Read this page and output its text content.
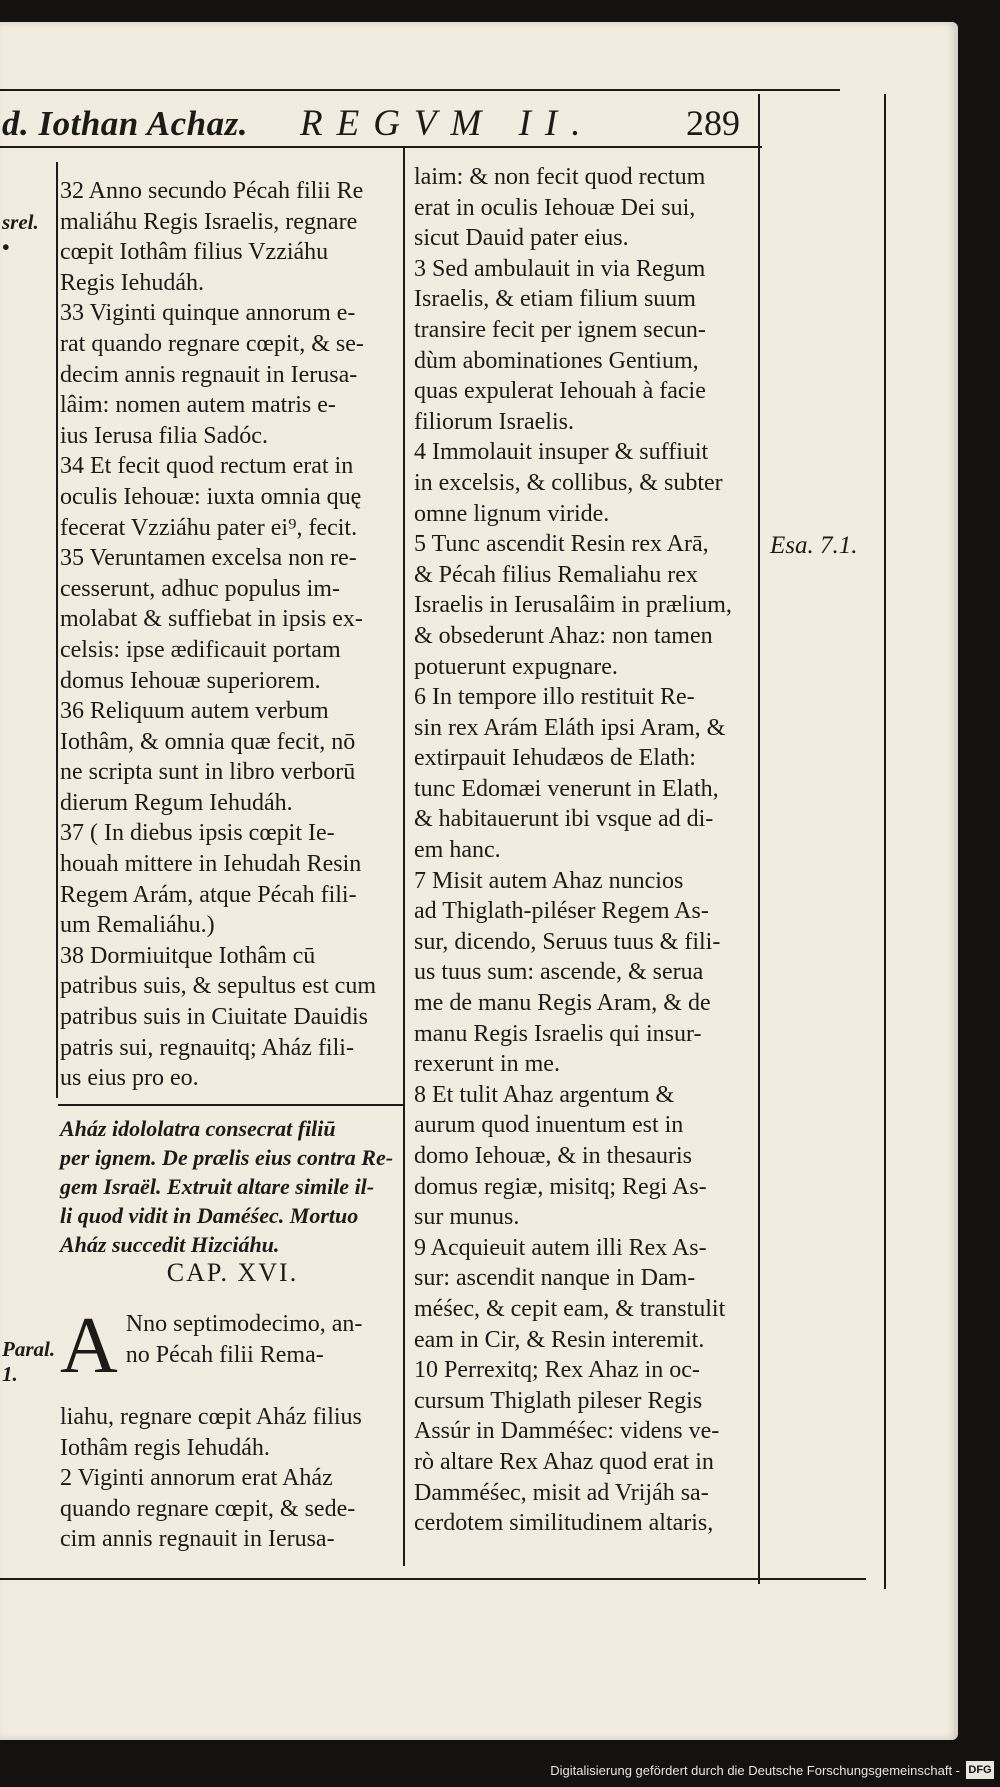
d. Iothan Achaz. REGVM II.	289
srel.
•
Paral.
1.
Esa. 7.1.

32 Anno secundo Pécah filii Re

maliáhu Regis Israelis, regnare

cœpit Iothâm filius Vzziáhu

Regis Iehudáh.

33 Viginti quinque annorum e-

rat quando regnare cœpit, & se-

decim annis regnauit in Ierusa-

lâim: nomen autem matris e-

ius Ierusa filia Sadóc.

34 Et fecit quod rectum erat in

oculis Iehouæ: iuxta omnia quę

fecerat Vzziáhu pater ei⁹, fecit.

35 Veruntamen excelsa non re-

cesserunt, adhuc populus im-

molabat & suffiebat in ipsis ex-

celsis: ipse ædificauit portam

domus Iehouæ superiorem.

36 Reliquum autem verbum

Iothâm, & omnia quæ fecit, nō

ne scripta sunt in libro verborū

dierum Regum Iehudáh.

37 ( In diebus ipsis cœpit Ie-

houah mittere in Iehudah Resin

Regem Arám, atque Pécah fili-

um Remaliáhu.)

38 Dormiuitque Iothâm cū

patribus suis, & sepultus est cum

patribus suis in Ciuitate Dauidis

patris sui, regnauitq; Aház fili-

us eius pro eo.

Aház idololatra consecrat filiū
per ignem. De prælis eius contra Re-
gem Israël. Extruit altare simile il-
li quod vidit in Daméśec. Mortuo
Aház succedit Hizciáhu.
CAP. XVI.
A Nno septimodecimo, an-
no Pécah filii Rema-
liahu, regnare cœpit Aház filius
Iothâm regis Iehudáh.
2 Viginti annorum erat Aház
quando regnare cœpit, & sede-
cim annis regnauit in Ierusa-

laim: & non fecit quod rectum

erat in oculis Iehouæ Dei sui,

sicut Dauid pater eius.

3 Sed ambulauit in via Regum

Israelis, & etiam filium suum

transire fecit per ignem secun-

dùm abominationes Gentium,

quas expulerat Iehouah à facie

filiorum Israelis.

4 Immolauit insuper & suffiuit

in excelsis, & collibus, & subter

omne lignum viride.

5 Tunc ascendit Resin rex Arā,

& Pécah filius Remaliahu rex

Israelis in Ierusalâim in prælium,

& obsederunt Ahaz: non tamen

potuerunt expugnare.

6 In tempore illo restituit Re-

sin rex Arám Eláth ipsi Aram, &

extirpauit Iehudæos de Elath:

tunc Edomæi venerunt in Elath,

& habitauerunt ibi vsque ad di-

em hanc.

7 Misit autem Ahaz nuncios

ad Thiglath-piléser Regem As-

sur, dicendo, Seruus tuus & fili-

us tuus sum: ascende, & serua

me de manu Regis Aram, & de

manu Regis Israelis qui insur-

rexerunt in me.

8 Et tulit Ahaz argentum &

aurum quod inuentum est in

domo Iehouæ, & in thesauris

domus regiæ, misitq; Regi As-

sur munus.

9 Acquieuit autem illi Rex As-

sur: ascendit nanque in Dam-

méśec, & cepit eam, & transtulit

eam in Cir, & Resin interemit.

10 Perrexitq; Rex Ahaz in oc-

cursum Thiglath pileser Regis

Assúr in Damméśec: videns ve-

rò altare Rex Ahaz quod erat in

Damméśec, misit ad Vrijáh sa-

cerdotem similitudinem altaris,

Digitalisierung gefördert durch die Deutsche Forschungsgemeinschaft - DFG
